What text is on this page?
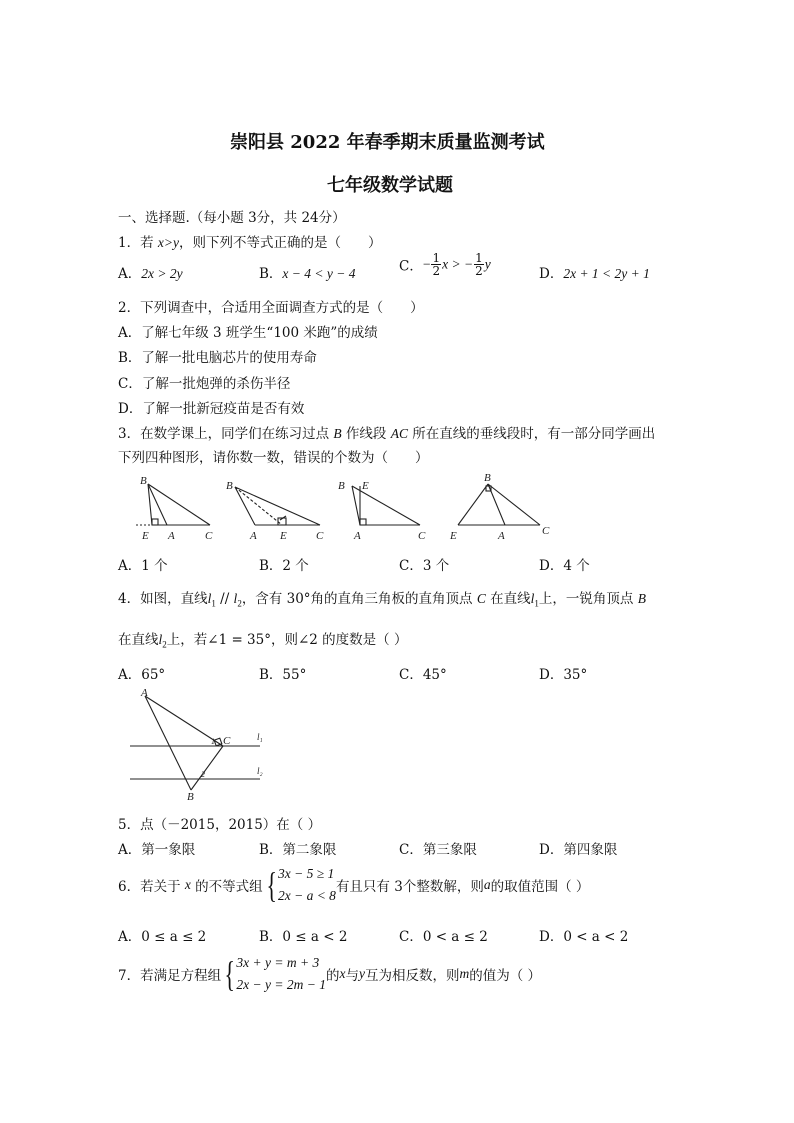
崇阳县 2022 年春季期末质量监测考试
七年级数学试题
一、选择题.（每小题 3分，共 24分）
1．若 x>y，则下列不等式正确的是（　　）
A．2x > 2y	B．x − 4 < y − 4	C．− $\frac{1}{2}$ x > − $\frac{1}{2}$ y
D．2x + 1 < 2y + 1
2．下列调查中，合适用全面调查方式的是（　　）
A．了解七年级 3 班学生“100 米跑”的成绩
B．了解一批电脑芯片的使用寿命
C．了解一批炮弹的杀伤半径
D．了解一批新冠疫苗是否有效
3．在数学课上，同学们在练习过点 B 作线段 AC 所在直线的垂线段时，有一部分同学画出
下列四种图形，请你数一数，错误的个数为（　　）
B
E A	C
B
A E	C
B E
A	C
B
E	A	C
A．1 个	B．2 个	C．3 个	D．4 个
4．如图，直线$l_1 // l_2$，含有 30°角的直角三角板的直角顶点 C 在直线$l_1$上，一锐角顶点 B
在直线$l_2$上，若∠1 = 35°，则∠2 的度数是（ ）
A．65°	B．55°	C．45°	D．35°
A
C
1
2
B
l₁
l₂
5．点（－2015，2015）在（ ）
A．第一象限	B．第二象限	C．第三象限	D．第四象限
6．若关于 x 的不等式组{ 3x − 5 ≥ 1
2x − a < 8
有且只有 3个整数解，则a的取值范围（ ）
A．0 ≤ a ≤ 2	B．0 ≤ a < 2	C．0 < a ≤ 2	D．0 < a < 2
7．若满足方程组{ 3x + y = m + 3
2x − y = 2m − 1
的x与y互为相反数，则m的值为（ ）
